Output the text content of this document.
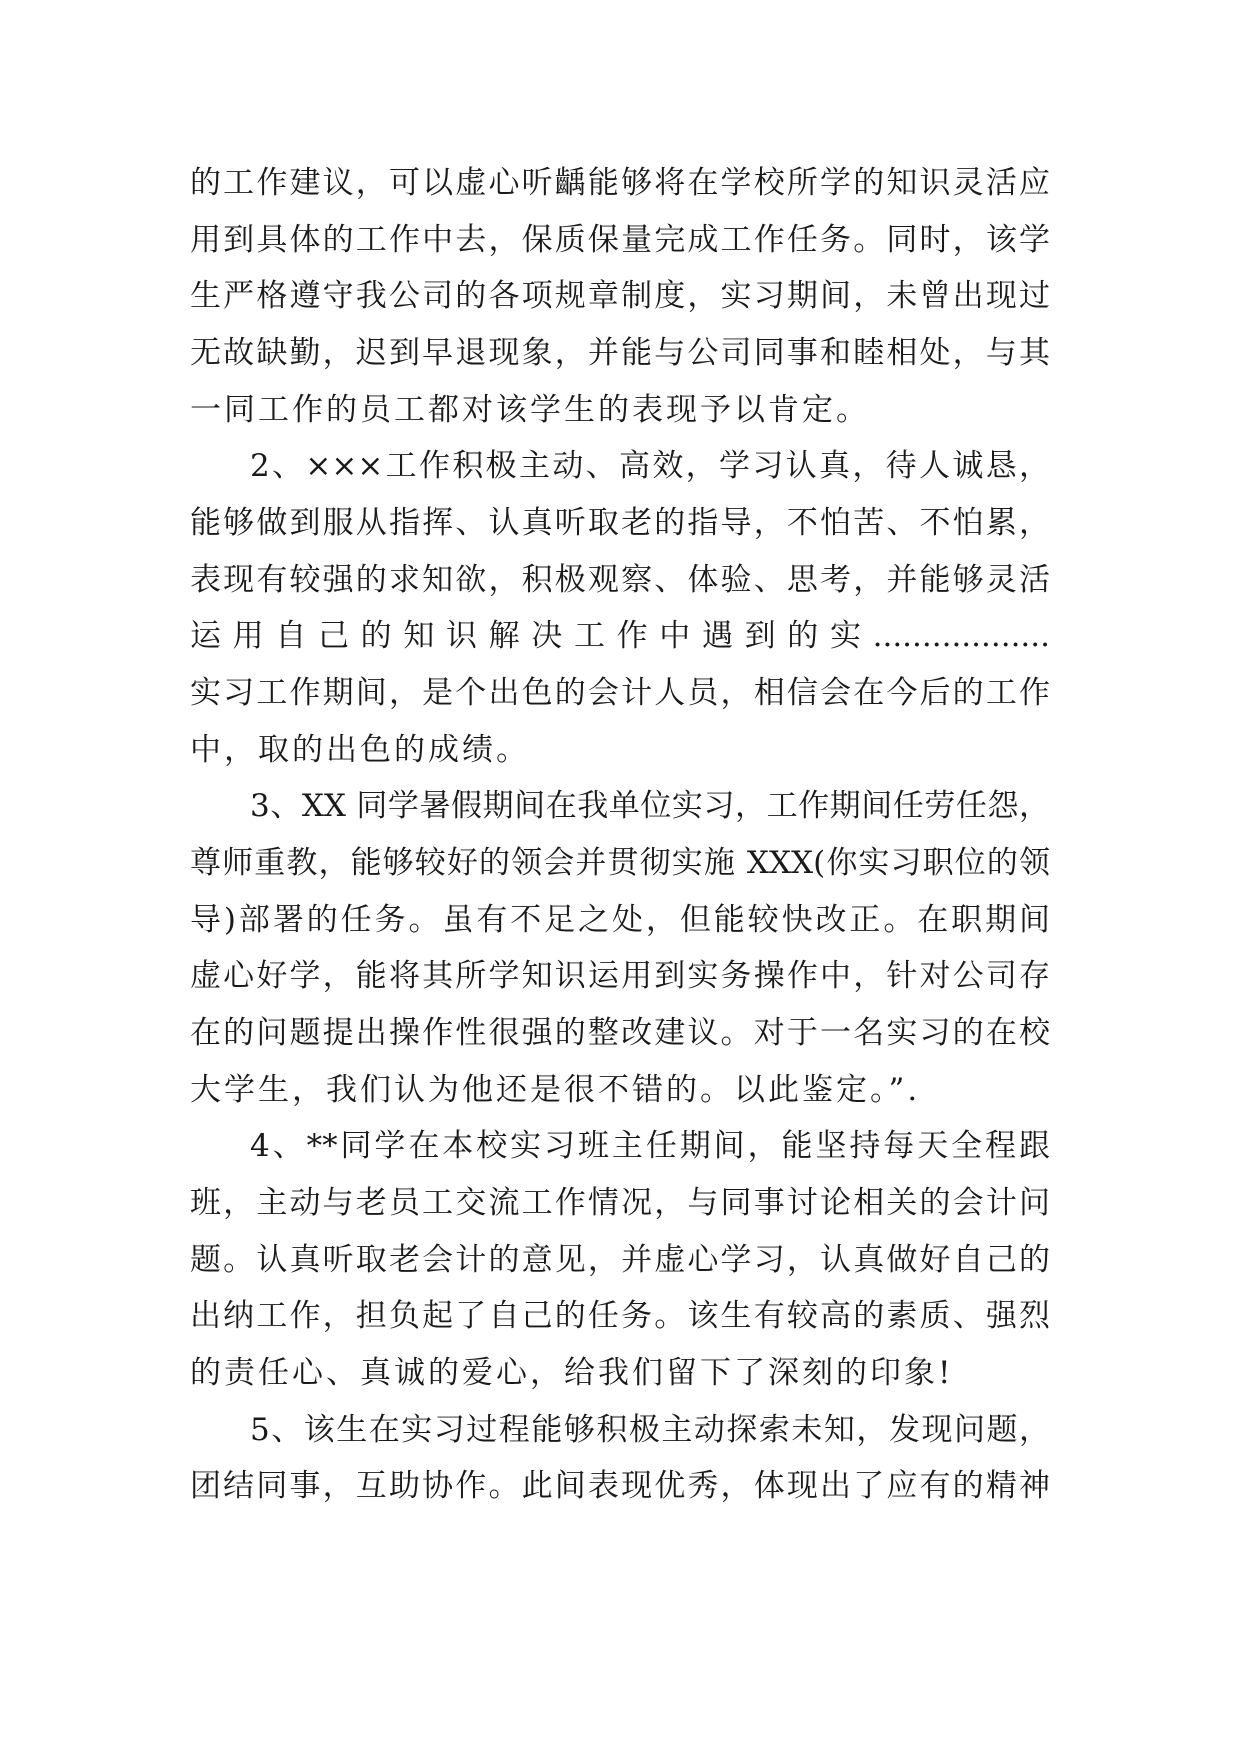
的工作建议，可以虚心听齲能够将在学校所学的知识灵活应
用到具体的工作中去，保质保量完成工作任务。同时，该学
生严格遵守我公司的各项规章制度，实习期间，未曾出现过
无故缺勤，迟到早退现象，并能与公司同事和睦相处，与其
一同工作的员工都对该学生的表现予以肯定。
2、×××工作积极主动、高效，学习认真，待人诚恳，
能够做到服从指挥、认真听取老的指导，不怕苦、不怕累，
表现有较强的求知欲，积极观察、体验、思考，并能够灵活
运用自己的知识解决工作中遇到的实..................
实习工作期间，是个出色的会计人员，相信会在今后的工作
中，取的出色的成绩。
3、XX 同学暑假期间在我单位实习，工作期间任劳任怨，
尊师重教，能够较好的领会并贯彻实施 XXX(你实习职位的领
导)部署的任务。虽有不足之处，但能较快改正。在职期间
虚心好学，能将其所学知识运用到实务操作中，针对公司存
在的问题提出操作性很强的整改建议。对于一名实习的在校
大学生，我们认为他还是很不错的。以此鉴定。”.
4、**同学在本校实习班主任期间，能坚持每天全程跟
班，主动与老员工交流工作情况，与同事讨论相关的会计问
题。认真听取老会计的意见，并虚心学习，认真做好自己的
出纳工作，担负起了自己的任务。该生有较高的素质、强烈
的责任心、真诚的爱心，给我们留下了深刻的印象!
5、该生在实习过程能够积极主动探索未知，发现问题，
团结同事，互助协作。此间表现优秀，体现出了应有的精神
